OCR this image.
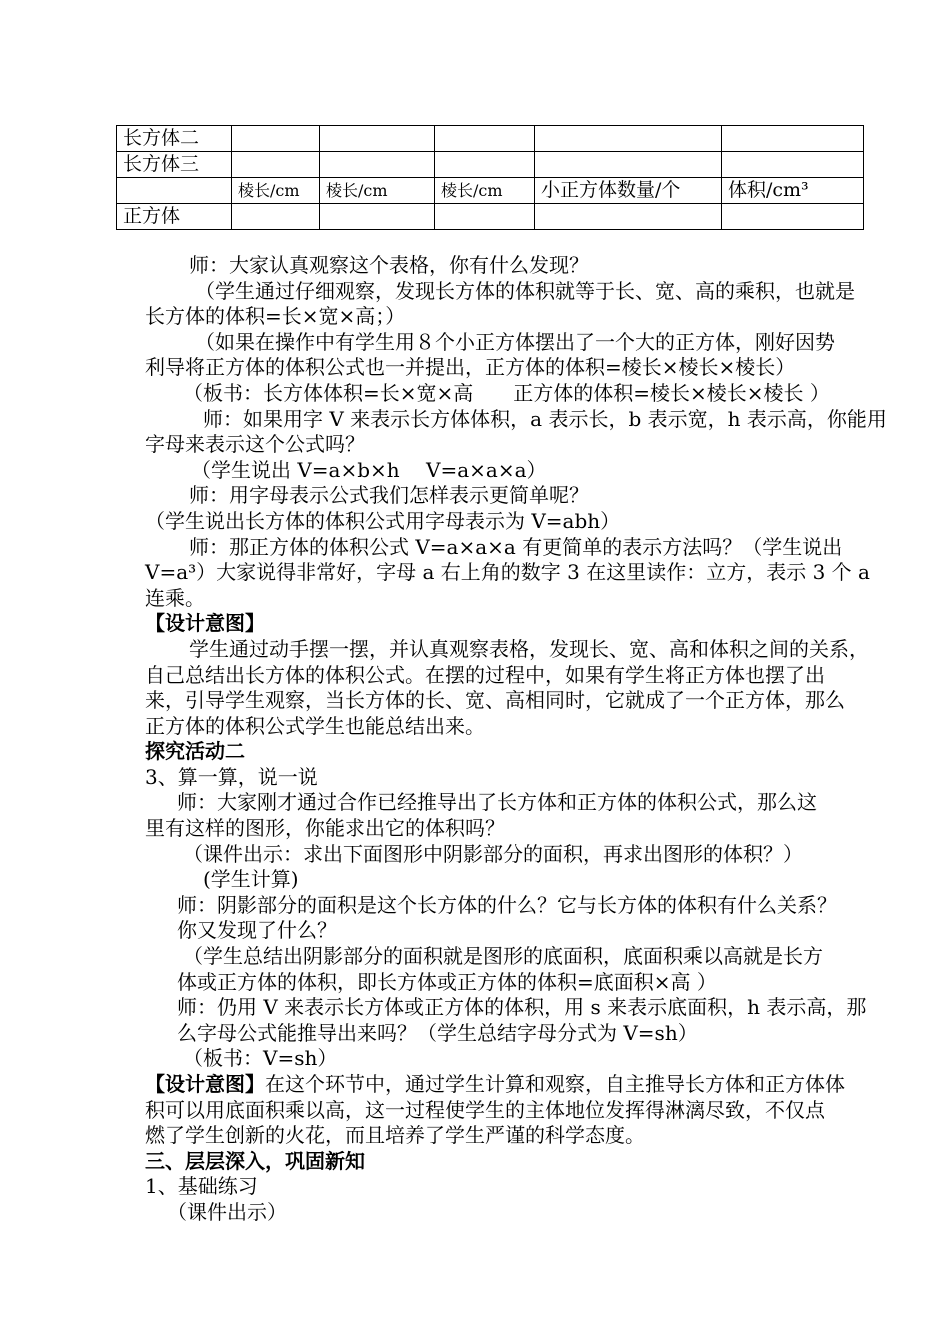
长方体二					
长方体三					
	棱长/cm	棱长/cm	棱长/cm	小正方体数量/个	体积/cm³
正方体					

师：大家认真观察这个表格，你有什么发现？

（学生通过仔细观察，发现长方体的体积就等于长、宽、高的乘积，也就是

长方体的体积=长×宽×高；）

（如果在操作中有学生用８个小正方体摆出了一个大的正方体，刚好因势

利导将正方体的体积公式也一并提出，正方体的体积=棱长×棱长×棱长）

（板书：长方体体积=长×宽×高　　正方体的体积=棱长×棱长×棱长 ）

师：如果用字 V 来表示长方体体积，a 表示长，b 表示宽，h 表示高，你能用

字母来表示这个公式吗？

（学生说出 V=a×b×h　 V=a×a×a）

师：用字母表示公式我们怎样表示更简单呢？

（学生说出长方体的体积公式用字母表示为 V=abh）

师：那正方体的体积公式 V=a×a×a 有更简单的表示方法吗？（学生说出

V=a³）大家说得非常好，字母 a 右上角的数字 3 在这里读作：立方，表示 3 个 a

连乘。

【设计意图】

学生通过动手摆一摆，并认真观察表格，发现长、宽、高和体积之间的关系，

自己总结出长方体的体积公式。在摆的过程中，如果有学生将正方体也摆了出

来，引导学生观察，当长方体的长、宽、高相同时，它就成了一个正方体，那么

正方体的体积公式学生也能总结出来。

探究活动二

3、算一算，说一说

师：大家刚才通过合作已经推导出了长方体和正方体的体积公式，那么这

里有这样的图形，你能求出它的体积吗？

（课件出示：求出下面图形中阴影部分的面积，再求出图形的体积？）

(学生计算)

师：阴影部分的面积是这个长方体的什么？它与长方体的体积有什么关系？

你又发现了什么？

（学生总结出阴影部分的面积就是图形的底面积，底面积乘以高就是长方

体或正方体的体积，即长方体或正方体的体积=底面积×高 ）

师：仍用 V 来表示长方体或正方体的体积，用 s 来表示底面积，h 表示高，那

么字母公式能推导出来吗？（学生总结字母分式为 V=sh）

（板书：V=sh）

【设计意图】在这个环节中，通过学生计算和观察，自主推导长方体和正方体体

积可以用底面积乘以高，这一过程使学生的主体地位发挥得淋漓尽致，不仅点

燃了学生创新的火花，而且培养了学生严谨的科学态度。

三、层层深入，巩固新知

1、基础练习

（课件出示）
